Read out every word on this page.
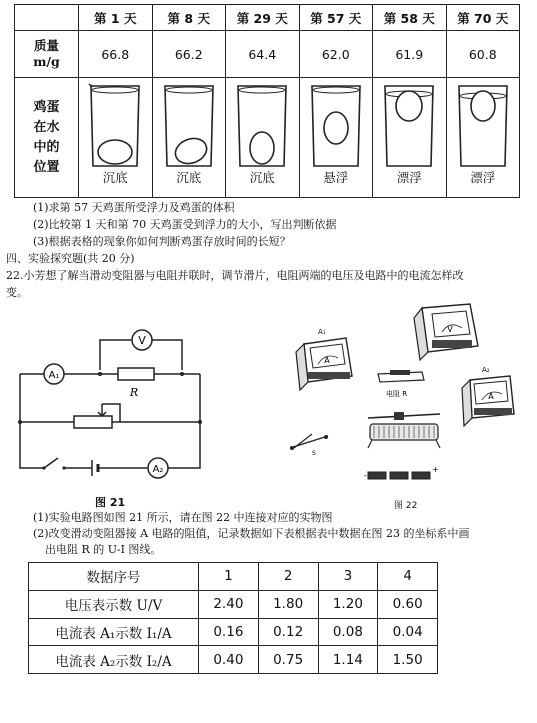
	第 1 天	第 8 天	第 29 天	第 57 天	第 58 天	第 70 天
质量
m/g	66.8	66.2	64.4	62.0	61.9	60.8
鸡蛋
在水
中的
位置	沉底	沉底	沉底	悬浮	漂浮	漂浮
(1)求第 57 天鸡蛋所受浮力及鸡蛋的体积
(2)比较第 1 天和第 70 天鸡蛋受到浮力的大小，写出判断依据
(3)根据表格的现象你如何判断鸡蛋存放时间的长短？
四、实验探究题(共 20 分)
22.小芳想了解当滑动变阻器与电阻并联时，调节滑片，电阻两端的电压及电路中的电流怎样改
变。
V
A₁
A₂
R
图 21
V
A
A₁
电阻 R	A
A₂
S
-
+
图 22
(1)实验电路图如图 21 所示，请在图 22 中连接对应的实物图
(2)改变滑动变阻器接 A 电路的阻值，记录数据如下表根据表中数据在图 23 的坐标系中画
出电阻 R 的 U-I 图线。
数据序号	1	2	3	4
电压表示数 U/V	2.40	1.80	1.20	0.60
电流表 A₁示数 I₁/A	0.16	0.12	0.08	0.04
电流表 A₂示数 I₂/A	0.40	0.75	1.14	1.50
